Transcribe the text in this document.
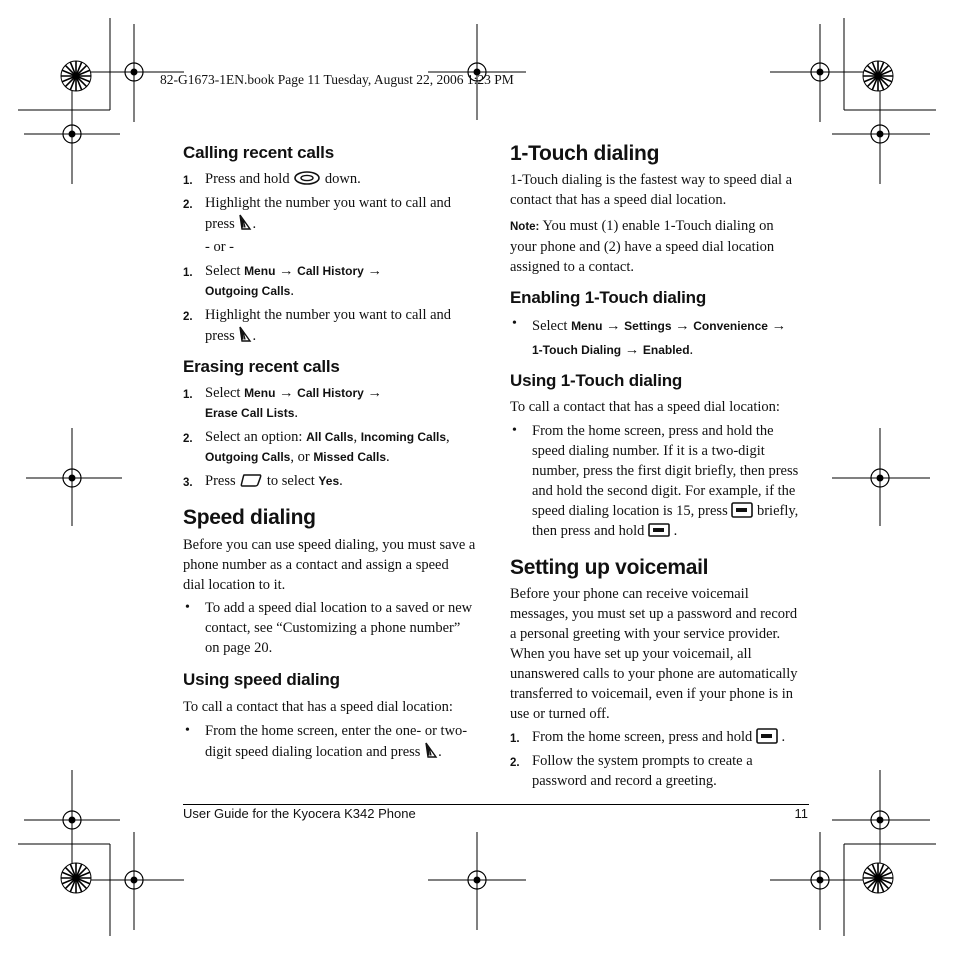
82-G1673-1EN.book Page 11 Tuesday, August 22, 2006 1:23 PM
Calling recent calls
1. Press and hold down.
2. Highlight the number you want to call and
press .
- or -
1. Select Menu → Call History →
Outgoing Calls.
2. Highlight the number you want to call and
press .
Erasing recent calls
1. Select Menu → Call History →
Erase Call Lists.
2. Select an option: All Calls, Incoming Calls,
Outgoing Calls, or Missed Calls.
3. Press to select Yes.
Speed dialing
Before you can use speed dialing, you must save a
phone number as a contact and assign a speed
dial location to it.
• To add a speed dial location to a saved or new
contact, see “Customizing a phone number”
on page 20.
Using speed dialing
To call a contact that has a speed dial location:
• From the home screen, enter the one- or two-
digit speed dialing location and press .
1-Touch dialing
1-Touch dialing is the fastest way to speed dial a
contact that has a speed dial location.
Note: You must (1) enable 1-Touch dialing on
your phone and (2) have a speed dial location
assigned to a contact.
Enabling 1-Touch dialing
• Select Menu → Settings → Convenience →
1-Touch Dialing → Enabled.
Using 1-Touch dialing
To call a contact that has a speed dial location:
• From the home screen, press and hold the
speed dialing number. If it is a two-digit
number, press the first digit briefly, then press
and hold the second digit. For example, if the
speed dialing location is 15, press briefly,
then press and hold .
Setting up voicemail
Before your phone can receive voicemail
messages, you must set up a password and record
a personal greeting with your service provider.
When you have set up your voicemail, all
unanswered calls to your phone are automatically
transferred to voicemail, even if your phone is in
use or turned off.
1. From the home screen, press and hold .
2. Follow the system prompts to create a
password and record a greeting.
User Guide for the Kyocera K342 Phone	11
